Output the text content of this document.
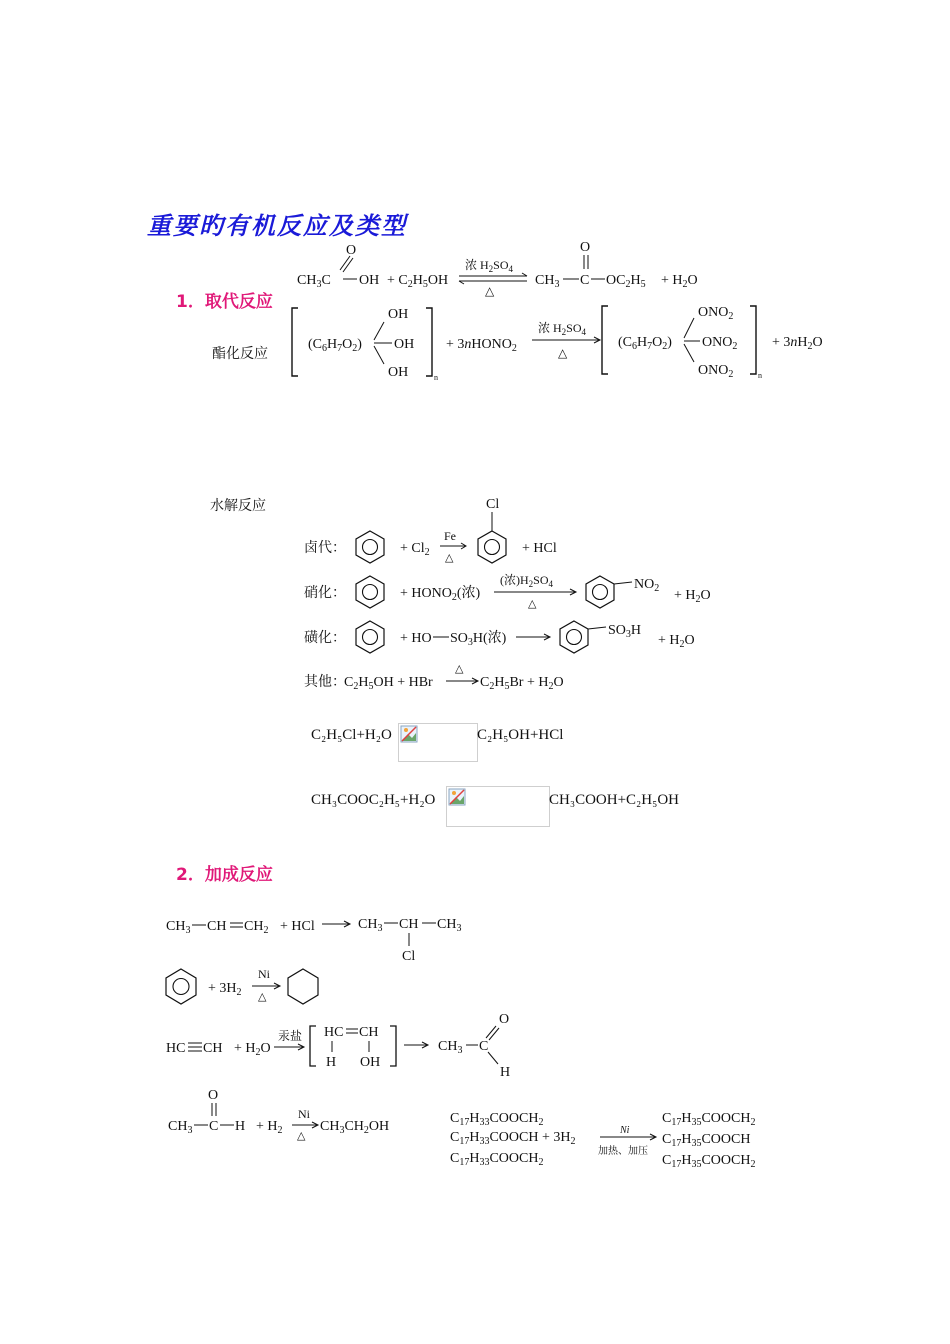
重要旳有机反应及类型
1．取代反应
$CH_3C$ OH
O
+ $C_2H_5OH$
浓 $H_2SO_4$
△
$CH_3$ C
O
$OC_2H_5 + H_2O$
酯化反应
$(C_6H_7O_2)$
OH
OH
OH	n
+ 3nHONO$_2$
浓 $H_2SO_4$
△
$(C_6H_7O_2)$
$ONO_2$
$ONO_2$
$ONO_2$	n
+ $3nH_2O$
水解反应
卤代：	+ $Cl_2$
Fe
△
Cl
+ HCl
硝化：	+ $HONO_2$(浓)
(浓)$H_2SO_4$
△
$NO_2 + H_2O$
磺化：	+ HO $SO_3H$(浓)
$SO_3H$
+ $H_2O$
其他：
$C_2H_5OH$ + HBr
△
$C_2H_5Br + H_2O$
C₂H₅Cl+H₂O	C₂H₅OH+HCl
CH₃COOC₂H₅+H₂O	CH₃COOH+C₂H₅OH
2．加成反应
$CH_3$ CH $CH_2$ + HCl	$CH_3$ CH
Cl
$CH_3$
+ $3H_2$
Ni
△
HC CH + $H_2O$
汞盐 HC CH
H OH
$CH_3$ C
O
H
$CH_3$ C
O
$H + H_2$
Ni
△
$CH_3CH_2OH$
$C_{17}H_{33}COOCH_2$
$C_{17}H_{33}COOCH + 3H_2$
$C_{17}H_{33}COOCH_2$
Ni
加热、加压
$C_{17}H_{35}COOCH_2$
$C_{17}H_{35}COOCH$
$C_{17}H_{35}COOCH_2$
